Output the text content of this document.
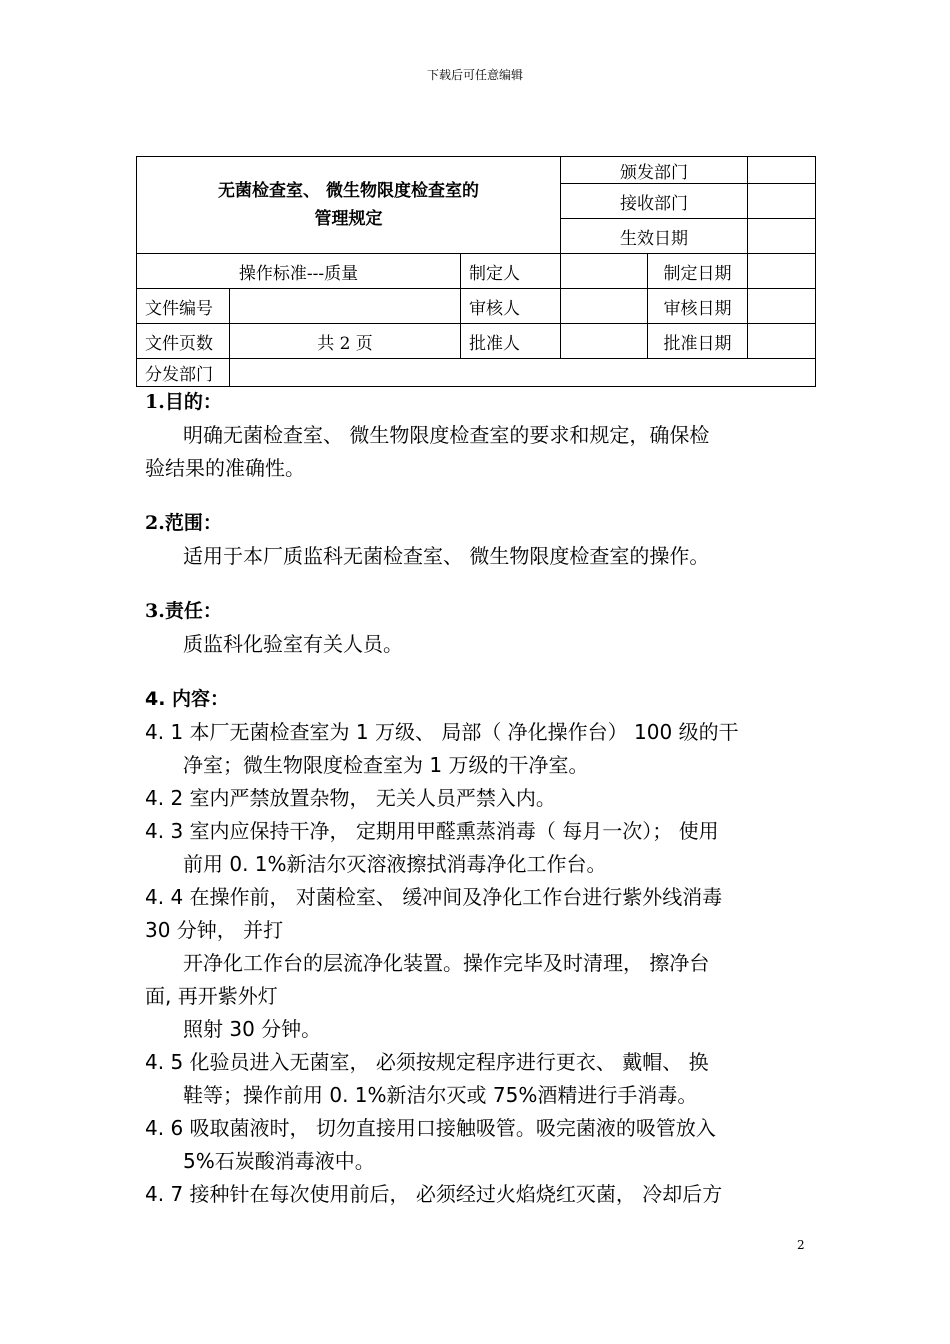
下载后可任意编辑
无菌检查室、 微生物限度检查室的
管理规定			颁发部门		
			接收部门		
			生效日期		
操作标准---质量		制定人		制定日期	
文件编号		审核人		审核日期	
文件页数	共 2 页	批准人		批准日期	
分发部门					

1.目的：

明确无菌检查室、 微生物限度检查室的要求和规定，确保检

验结果的准确性。

2.范围：

适用于本厂质监科无菌检查室、 微生物限度检查室的操作。

3.责任：

质监科化验室有关人员。

4. 内容：

4. 1 本厂无菌检查室为 1 万级、 局部（ 净化操作台） 100 级的干

净室；微生物限度检查室为 1 万级的干净室。

4. 2 室内严禁放置杂物， 无关人员严禁入内。

4. 3 室内应保持干净， 定期用甲醛熏蒸消毒（ 每月一次）； 使用

前用 0. 1%新洁尔灭溶液擦拭消毒净化工作台。

4. 4 在操作前， 对菌检室、 缓冲间及净化工作台进行紫外线消毒

30 分钟， 并打

开净化工作台的层流净化装置。操作完毕及时清理， 擦净台

面, 再开紫外灯

照射 30 分钟。

4. 5 化验员进入无菌室， 必须按规定程序进行更衣、 戴帽、 换

鞋等；操作前用 0. 1%新洁尔灭或 75%酒精进行手消毒。

4. 6 吸取菌液时， 切勿直接用口接触吸管。吸完菌液的吸管放入

5%石炭酸消毒液中。

4. 7 接种针在每次使用前后， 必须经过火焰烧红灭菌， 冷却后方

2
